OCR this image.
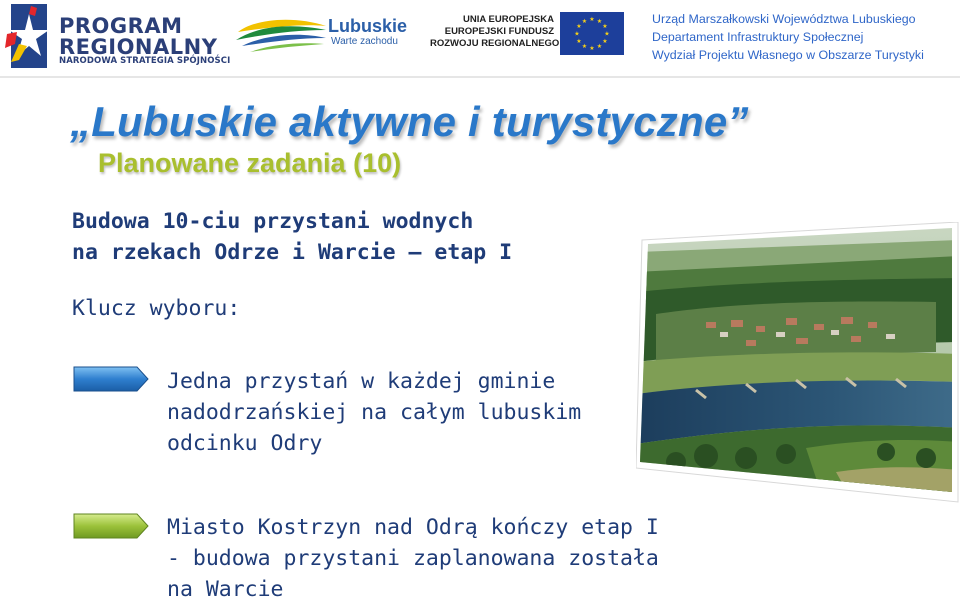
PROGRAM
REGIONALNY
NARODOWA STRATEGIA SPÓJNOŚCI
Lubuskie
Warte zachodu
UNIA EUROPEJSKA
EUROPEJSKI FUNDUSZ
ROZWOJU REGIONALNEGO
★ ★
★
★
★
★
★
★
★
★
★
★	Urząd Marszałkowski Województwa Lubuskiego
Departament Infrastruktury Społecznej
Wydział Projektu Własnego w Obszarze Turystyki
„Lubuskie aktywne i turystyczne”
Planowane zadania (10)
Budowa 10-ciu przystani wodnych
na rzekach Odrze i Warcie – etap I
Klucz wyboru:
Jedna przystań w każdej gminie
nadodrzańskiej na całym lubuskim
odcinku Odry
Miasto Kostrzyn nad Odrą kończy etap I
- budowa przystani zaplanowana została
na Warcie
